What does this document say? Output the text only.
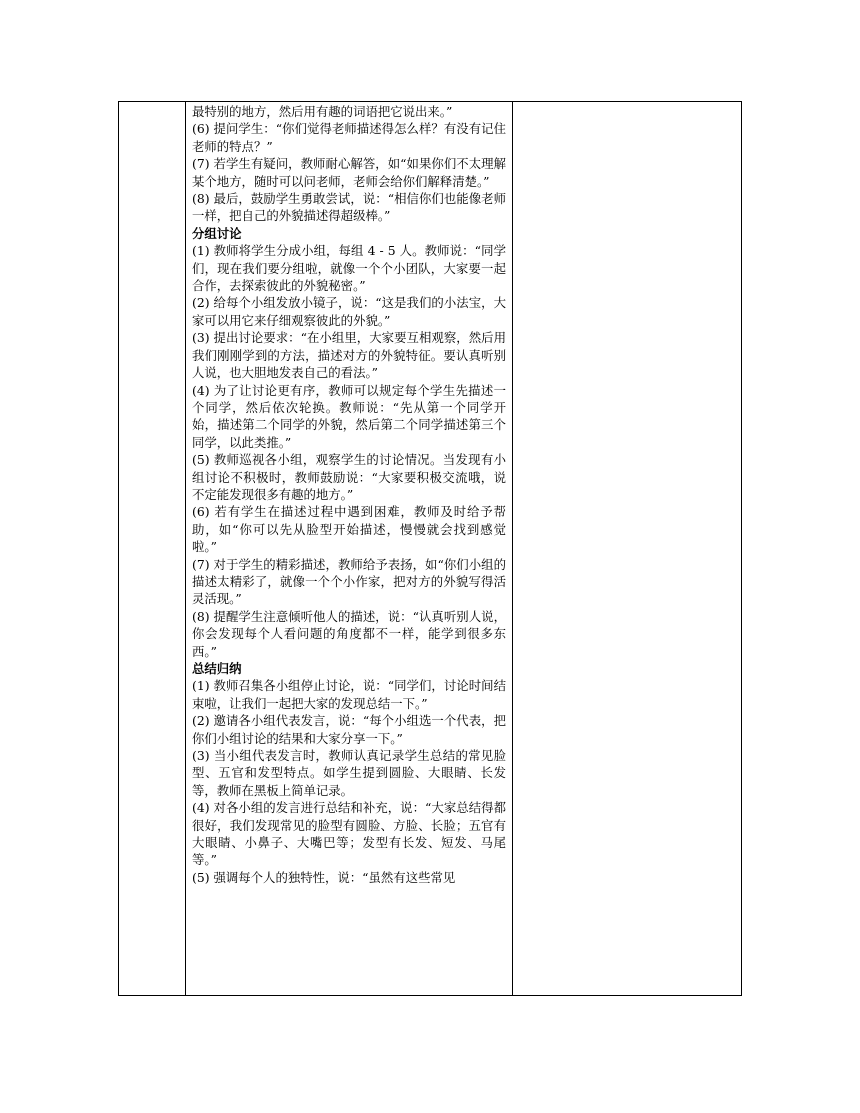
最特别的地方，然后用有趣的词语把它说出来。”

(6) 提问学生：“你们觉得老师描述得怎么样？有没有记住老师的特点？”

(7) 若学生有疑问，教师耐心解答，如“如果你们不太理解某个地方，随时可以问老师，老师会给你们解释清楚。”

(8) 最后，鼓励学生勇敢尝试，说：“相信你们也能像老师一样，把自己的外貌描述得超级棒。”

分组讨论

(1) 教师将学生分成小组，每组 4 - 5 人。教师说：“同学们，现在我们要分组啦，就像一个个小团队，大家要一起合作，去探索彼此的外貌秘密。”

(2) 给每个小组发放小镜子，说：“这是我们的小法宝，大家可以用它来仔细观察彼此的外貌。”

(3) 提出讨论要求：“在小组里，大家要互相观察，然后用我们刚刚学到的方法，描述对方的外貌特征。要认真听别人说，也大胆地发表自己的看法。”

(4) 为了让讨论更有序，教师可以规定每个学生先描述一个同学，然后依次轮换。教师说：“先从第一个同学开始，描述第二个同学的外貌，然后第二个同学描述第三个同学，以此类推。”

(5) 教师巡视各小组，观察学生的讨论情况。当发现有小组讨论不积极时，教师鼓励说：“大家要积极交流哦，说不定能发现很多有趣的地方。”

(6) 若有学生在描述过程中遇到困难，教师及时给予帮助，如“你可以先从脸型开始描述，慢慢就会找到感觉啦。”

(7) 对于学生的精彩描述，教师给予表扬，如“你们小组的描述太精彩了，就像一个个小作家，把对方的外貌写得活灵活现。”

(8) 提醒学生注意倾听他人的描述，说：“认真听别人说，你会发现每个人看问题的角度都不一样，能学到很多东西。”

总结归纳

(1) 教师召集各小组停止讨论，说：“同学们，讨论时间结束啦，让我们一起把大家的发现总结一下。”

(2) 邀请各小组代表发言，说：“每个小组选一个代表，把你们小组讨论的结果和大家分享一下。”

(3) 当小组代表发言时，教师认真记录学生总结的常见脸型、五官和发型特点。如学生提到圆脸、大眼睛、长发等，教师在黑板上简单记录。

(4) 对各小组的发言进行总结和补充，说：“大家总结得都很好，我们发现常见的脸型有圆脸、方脸、长脸；五官有大眼睛、小鼻子、大嘴巴等；发型有长发、短发、马尾等。”

(5) 强调每个人的独特性，说：“虽然有这些常见
